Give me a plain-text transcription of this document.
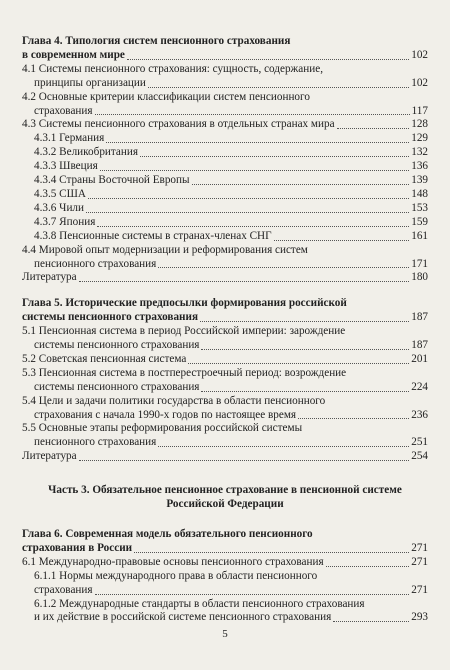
Глава 4. Типология систем пенсионного страхования
в современном мире	102
4.1 Системы пенсионного страхования: сущность, содержание,
принципы организации	102
4.2 Основные критерии классификации систем пенсионного
страхования	117
4.3 Системы пенсионного страхования в отдельных странах мира	128
4.3.1 Германия	129
4.3.2 Великобритания	132
4.3.3 Швеция	136
4.3.4 Страны Восточной Европы	139
4.3.5 США	148
4.3.6 Чили	153
4.3.7 Япония	159
4.3.8 Пенсионные системы в странах-членах СНГ	161
4.4 Мировой опыт модернизации и реформирования систем
пенсионного страхования	171
Литература	180
Глава 5. Исторические предпосылки формирования российской
системы пенсионного страхования	187
5.1 Пенсионная система в период Российской империи: зарождение
системы пенсионного страхования	187
5.2 Советская пенсионная система	201
5.3 Пенсионная система в постперестроечный период: возрождение
системы пенсионного страхования	224
5.4 Цели и задачи политики государства в области пенсионного
страхования с начала 1990-х годов по настоящее время	236
5.5 Основные этапы реформирования российской системы
пенсионного страхования	251
Литература	254
Часть 3. Обязательное пенсионное страхование в пенсионной системе
Российской Федерации
Глава 6. Современная модель обязательного пенсионного
страхования в России	271
6.1 Международно-правовые основы пенсионного страхования	271
6.1.1 Нормы международного права в области пенсионного
страхования	271
6.1.2 Международные стандарты в области пенсионного страхования
и их действие в российской системе пенсионного страхования	293
5
